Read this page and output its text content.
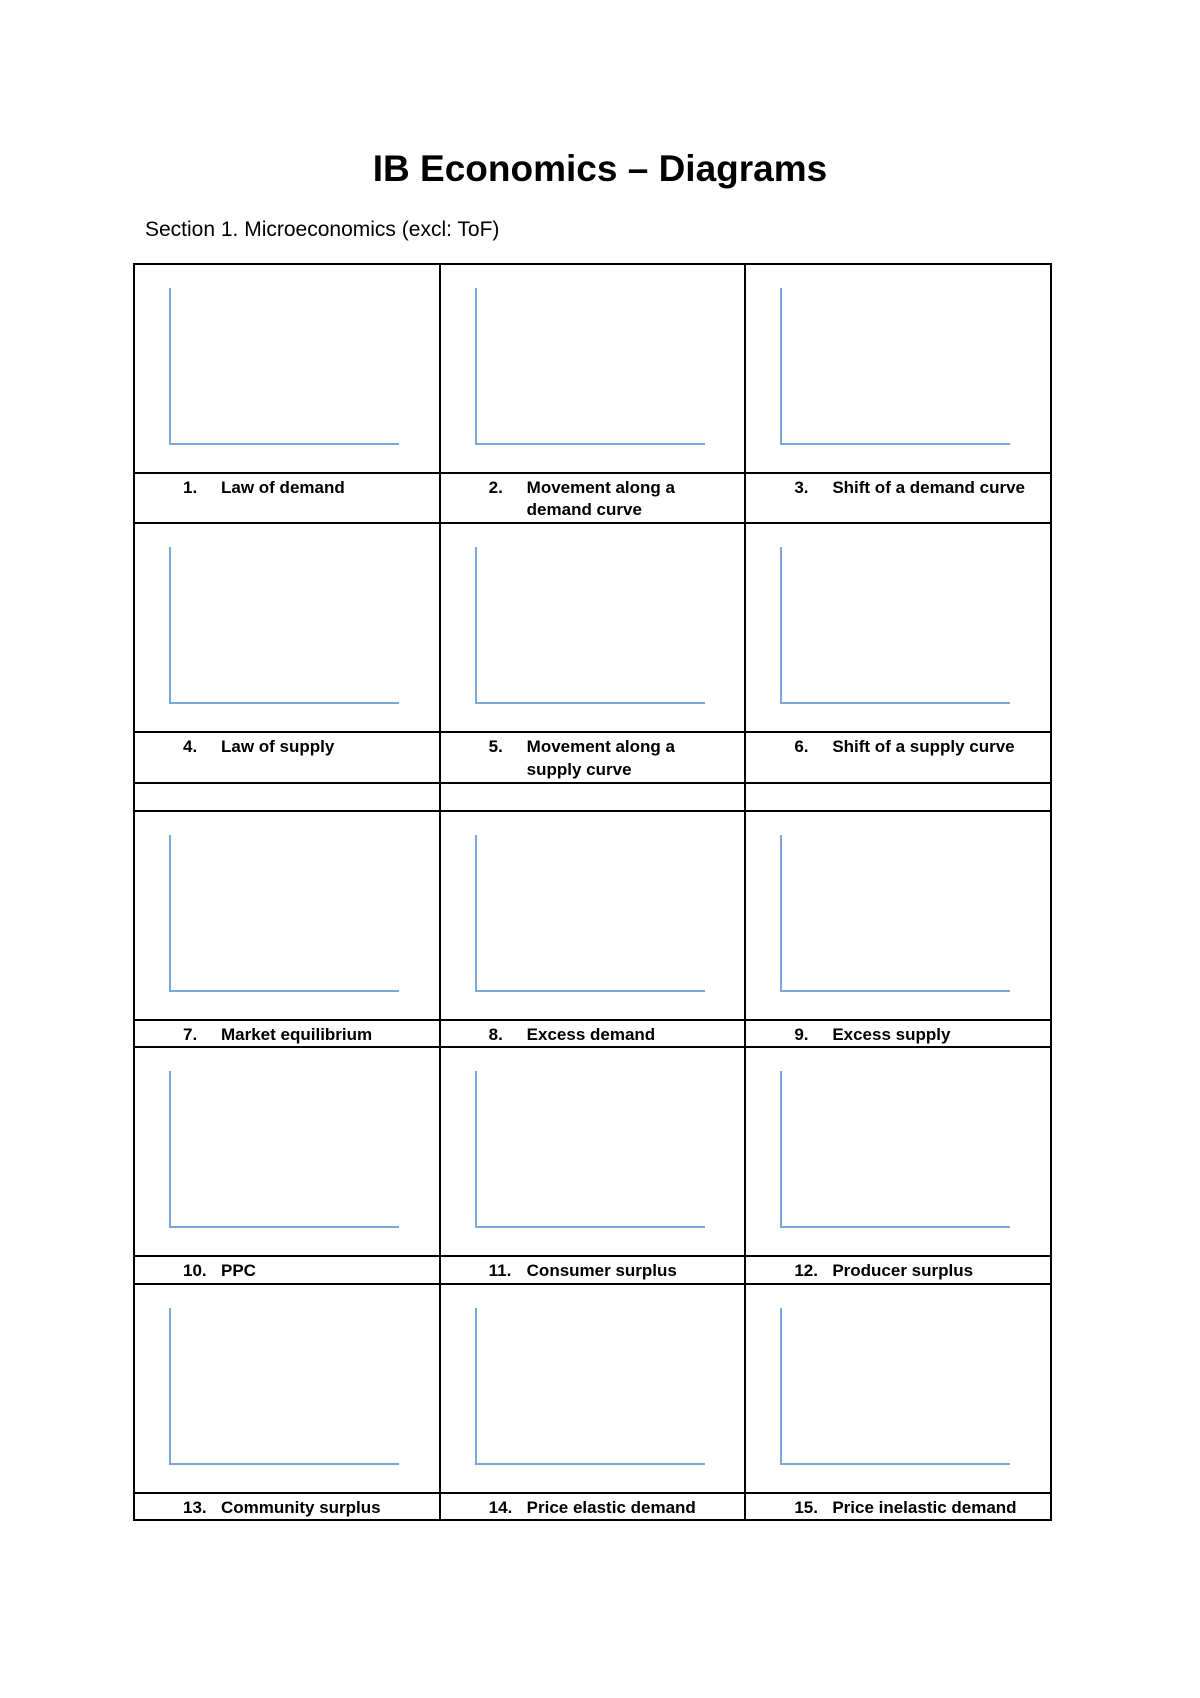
IB Economics – Diagrams
Section 1. Microeconomics (excl: ToF)

1. Law of demand	2. Movement along a demand curve	3. Shift of a demand curve

4. Law of supply	5. Movement along a supply curve	6. Shift of a supply curve

7. Market equilibrium	8. Excess demand	9. Excess supply

10. PPC	11. Consumer surplus	12. Producer surplus

13. Community surplus	14. Price elastic demand	15. Price inelastic demand
